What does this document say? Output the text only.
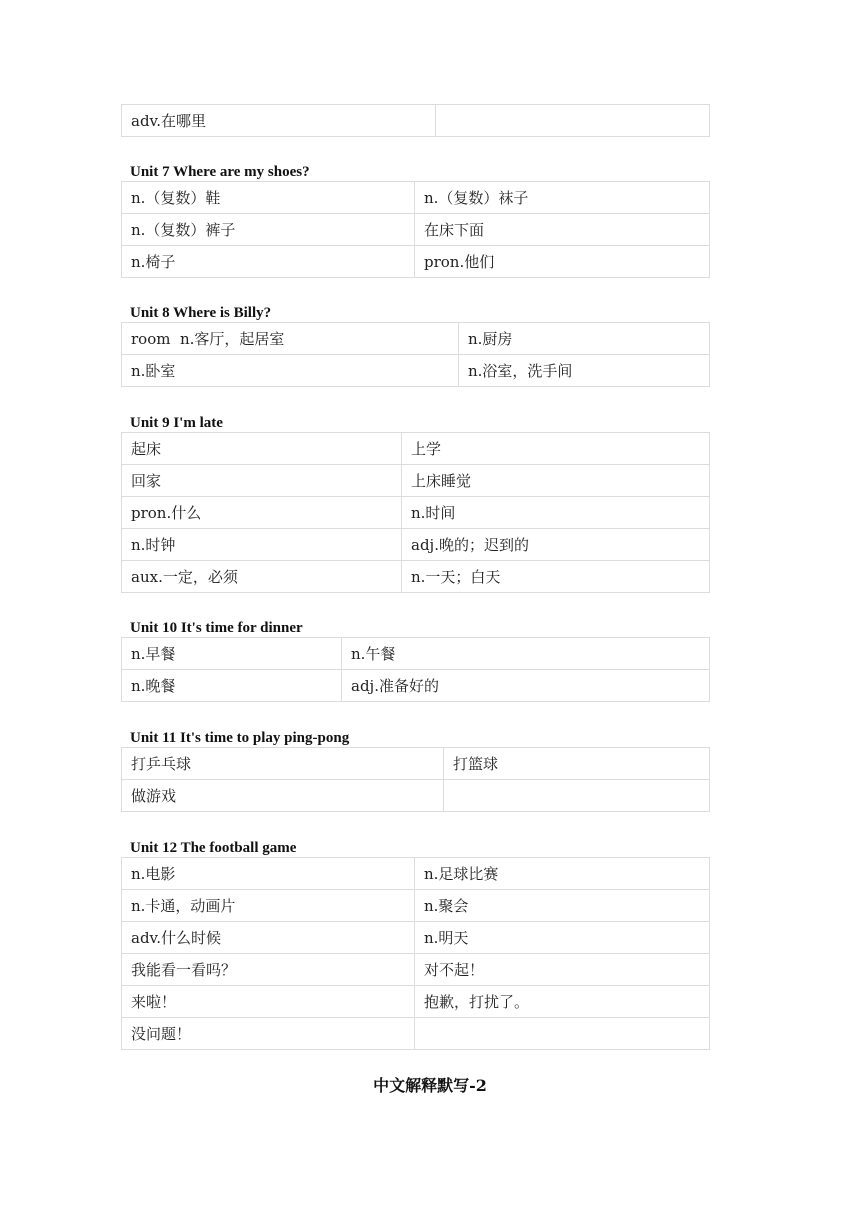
adv.在哪里	
Unit 7 Where are my shoes?
n.（复数）鞋	n.（复数）袜子
n.（复数）裤子	在床下面
n.椅子	pron.他们
Unit 8 Where is Billy?
room  n.客厅，起居室	n.厨房
n.卧室	n.浴室，洗手间
Unit 9 I'm late
起床	上学
回家	上床睡觉
pron.什么	n.时间
n.时钟	adj.晚的；迟到的
aux.一定，必须	n.一天；白天
Unit 10 It's time for dinner
n.早餐	n.午餐
n.晚餐	adj.准备好的
Unit 11 It's time to play ping-pong
打乒乓球	打篮球
做游戏	
Unit 12 The football game
n.电影	n.足球比赛
n.卡通，动画片	n.聚会
adv.什么时候	n.明天
我能看一看吗？	对不起！
来啦！	抱歉，打扰了。
没问题！	
中文解释默写-2
